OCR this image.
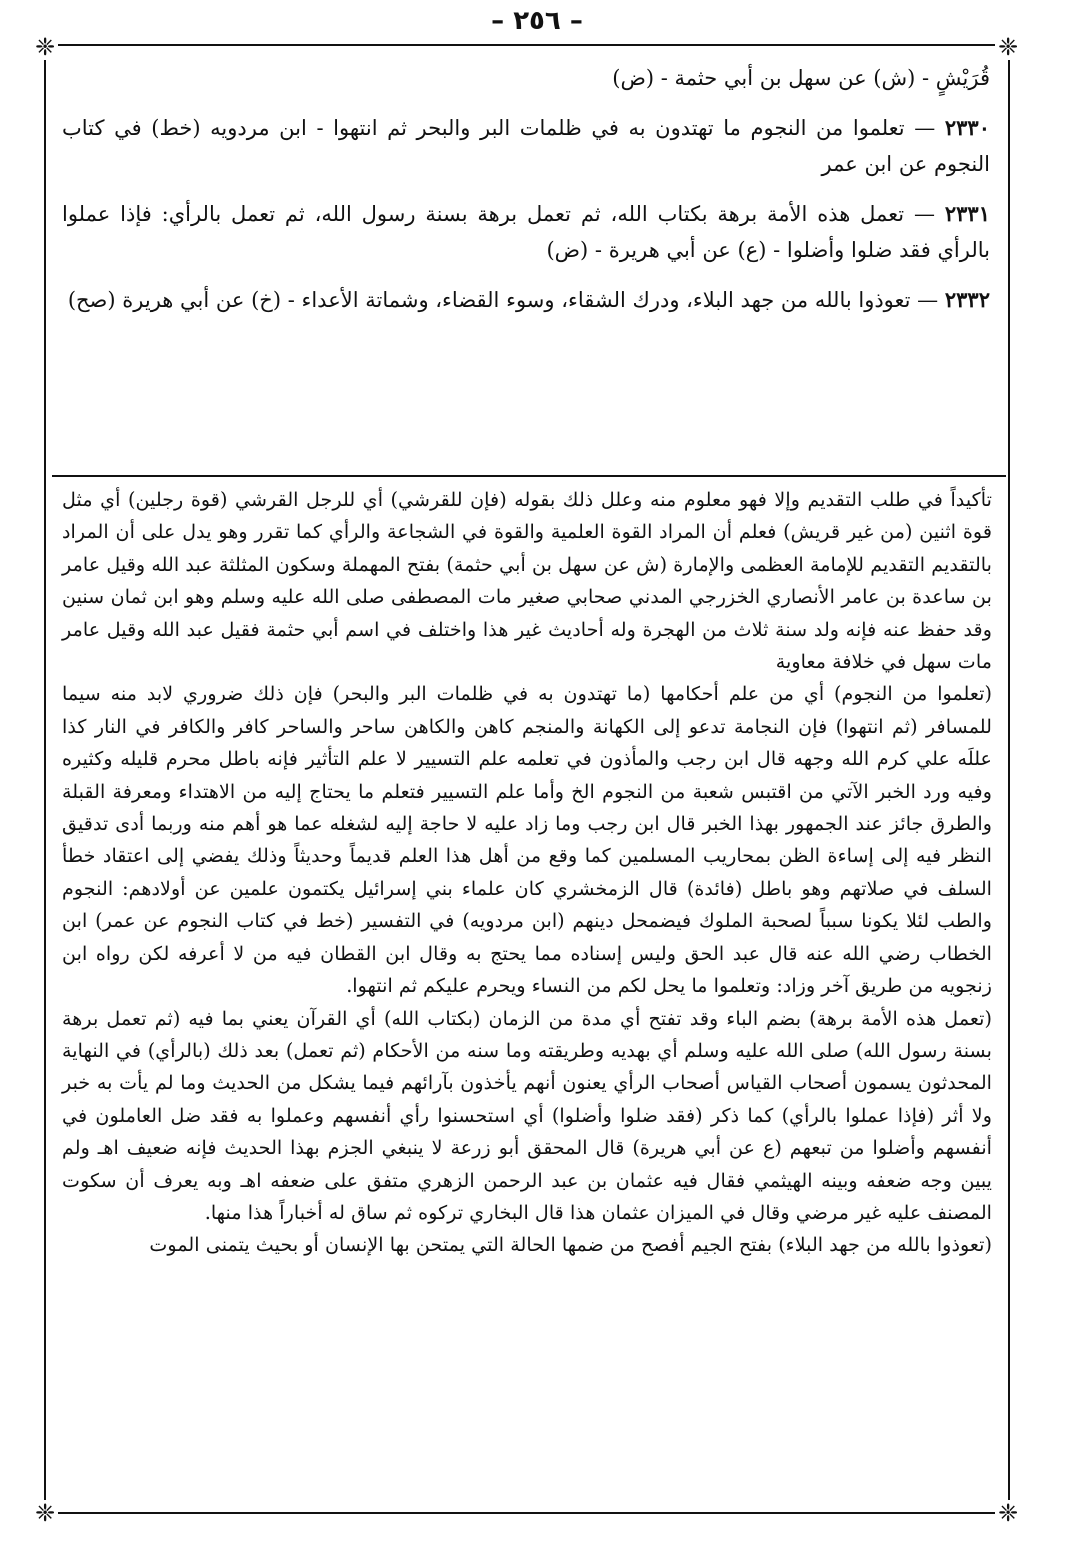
– ٢٥٦ –
❈	❈
❈	❈

قُرَيْشٍ - (ش) عن سهل بن أبي حثمة - (ض)

٢٣٣٠ — تعلموا من النجوم ما تهتدون به في ظلمات البر والبحر ثم انتهوا - ابن مردويه (خط) في كتاب النجوم عن ابن عمر

٢٣٣١ — تعمل هذه الأمة برهة بكتاب الله، ثم تعمل برهة بسنة رسول الله، ثم تعمل بالرأي: فإذا عملوا بالرأي فقد ضلوا وأضلوا - (ع) عن أبي هريرة - (ض)

٢٣٣٢ — تعوذوا بالله من جهد البلاء، ودرك الشقاء، وسوء القضاء، وشماتة الأعداء - (خ) عن أبي هريرة (صح)

تأكيداً في طلب التقديم وإلا فهو معلوم منه وعلل ذلك بقوله (فإن للقرشي) أي للرجل القرشي (قوة رجلين) أي مثل قوة اثنين (من غير قريش) فعلم أن المراد القوة العلمية والقوة في الشجاعة والرأي كما تقرر وهو يدل على أن المراد بالتقديم التقديم للإمامة العظمى والإمارة (ش عن سهل بن أبي حثمة) بفتح المهملة وسكون المثلثة عبد الله وقيل عامر بن ساعدة بن عامر الأنصاري الخزرجي المدني صحابي صغير مات المصطفى صلى الله عليه وسلم وهو ابن ثمان سنين وقد حفظ عنه فإنه ولد سنة ثلاث من الهجرة وله أحاديث غير هذا واختلف في اسم أبي حثمة فقيل عبد الله وقيل عامر مات سهل في خلافة معاوية

(تعلموا من النجوم) أي من علم أحكامها (ما تهتدون به في ظلمات البر والبحر) فإن ذلك ضروري لابد منه سيما للمسافر (ثم انتهوا) فإن النجامة تدعو إلى الكهانة والمنجم كاهن والكاهن ساحر والساحر كافر والكافر في النار كذا عللَه علي كرم الله وجهه قال ابن رجب والمأذون في تعلمه علم التسيير لا علم التأثير فإنه باطل محرم قليله وكثيره وفيه ورد الخبر الآتي من اقتبس شعبة من النجوم الخ وأما علم التسيير فتعلم ما يحتاج إليه من الاهتداء ومعرفة القبلة والطرق جائز عند الجمهور بهذا الخبر قال ابن رجب وما زاد عليه لا حاجة إليه لشغله عما هو أهم منه وربما أدى تدقيق النظر فيه إلى إساءة الظن بمحاريب المسلمين كما وقع من أهل هذا العلم قديماً وحديثاً وذلك يفضي إلى اعتقاد خطأ السلف في صلاتهم وهو باطل (فائدة) قال الزمخشري كان علماء بني إسرائيل يكتمون علمين عن أولادهم: النجوم والطب لئلا يكونا سبباً لصحبة الملوك فيضمحل دينهم (ابن مردويه) في التفسير (خط في كتاب النجوم عن عمر) ابن الخطاب رضي الله عنه قال عبد الحق وليس إسناده مما يحتج به وقال ابن القطان فيه من لا أعرفه لكن رواه ابن زنجويه من طريق آخر وزاد: وتعلموا ما يحل لكم من النساء ويحرم عليكم ثم انتهوا.

(تعمل هذه الأمة برهة) بضم الباء وقد تفتح أي مدة من الزمان (بكتاب الله) أي القرآن يعني بما فيه (ثم تعمل برهة بسنة رسول الله) صلى الله عليه وسلم أي بهديه وطريقته وما سنه من الأحكام (ثم تعمل) بعد ذلك (بالرأي) في النهاية المحدثون يسمون أصحاب القياس أصحاب الرأي يعنون أنهم يأخذون بآرائهم فيما يشكل من الحديث وما لم يأت به خبر ولا أثر (فإذا عملوا بالرأي) كما ذكر (فقد ضلوا وأضلوا) أي استحسنوا رأي أنفسهم وعملوا به فقد ضل العاملون في أنفسهم وأضلوا من تبعهم (ع عن أبي هريرة) قال المحقق أبو زرعة لا ينبغي الجزم بهذا الحديث فإنه ضعيف اهـ ولم يبين وجه ضعفه وبينه الهيثمي فقال فيه عثمان بن عبد الرحمن الزهري متفق على ضعفه اهـ وبه يعرف أن سكوت المصنف عليه غير مرضي وقال في الميزان عثمان هذا قال البخاري تركوه ثم ساق له أخباراً هذا منها.

(تعوذوا بالله من جهد البلاء) بفتح الجيم أفصح من ضمها الحالة التي يمتحن بها الإنسان أو بحيث يتمنى الموت
